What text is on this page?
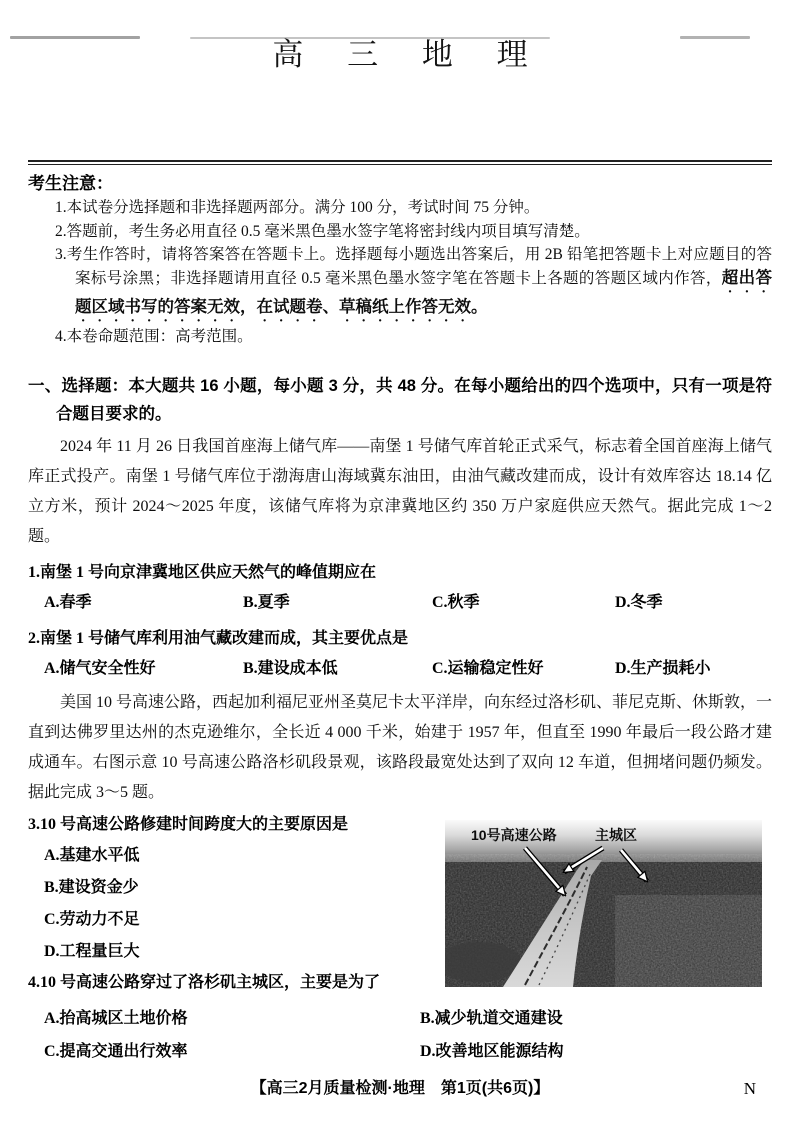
高 三 地 理
考生注意：
1.本试卷分选择题和非选择题两部分。满分 100 分，考试时间 75 分钟。
2.答题前，考生务必用直径 0.5 毫米黑色墨水签字笔将密封线内项目填写清楚。
3.考生作答时，请将答案答在答题卡上。选择题每小题选出答案后，用 2B 铅笔把答题卡上对应题目的答案标号涂黑；非选择题请用直径 0.5 毫米黑色墨水签字笔在答题卡上各题的答题区域内作答，超出答题区域书写的答案无效，在试题卷、草稿纸上作答无效。
4.本卷命题范围：高考范围。
一、选择题：本大题共 16 小题，每小题 3 分，共 48 分。在每小题给出的四个选项中，只有一项是符合题目要求的。
2024 年 11 月 26 日我国首座海上储气库——南堡 1 号储气库首轮正式采气，标志着全国首座海上储气库正式投产。南堡 1 号储气库位于渤海唐山海域冀东油田，由油气藏改建而成，设计有效库容达 18.14 亿立方米，预计 2024～2025 年度，该储气库将为京津冀地区约 350 万户家庭供应天然气。据此完成 1～2 题。
1.南堡 1 号向京津冀地区供应天然气的峰值期应在
A.春季	B.夏季	C.秋季	D.冬季
2.南堡 1 号储气库利用油气藏改建而成，其主要优点是
A.储气安全性好	B.建设成本低	C.运输稳定性好	D.生产损耗小
美国 10 号高速公路，西起加利福尼亚州圣莫尼卡太平洋岸，向东经过洛杉矶、菲尼克斯、休斯敦，一直到达佛罗里达州的杰克逊维尔，全长近 4 000 千米，始建于 1957 年，但直至 1990 年最后一段公路才建成通车。右图示意 10 号高速公路洛杉矶段景观，该路段最宽处达到了双向 12 车道，但拥堵问题仍频发。据此完成 3～5 题。
10号高速公路	主城区
3.10 号高速公路修建时间跨度大的主要原因是
A.基建水平低
B.建设资金少
C.劳动力不足
D.工程量巨大
4.10 号高速公路穿过了洛杉矶主城区，主要是为了
A.抬高城区土地价格	B.减少轨道交通建设
C.提高交通出行效率	D.改善地区能源结构
【高三2月质量检测·地理　第1页(共6页)】	N
